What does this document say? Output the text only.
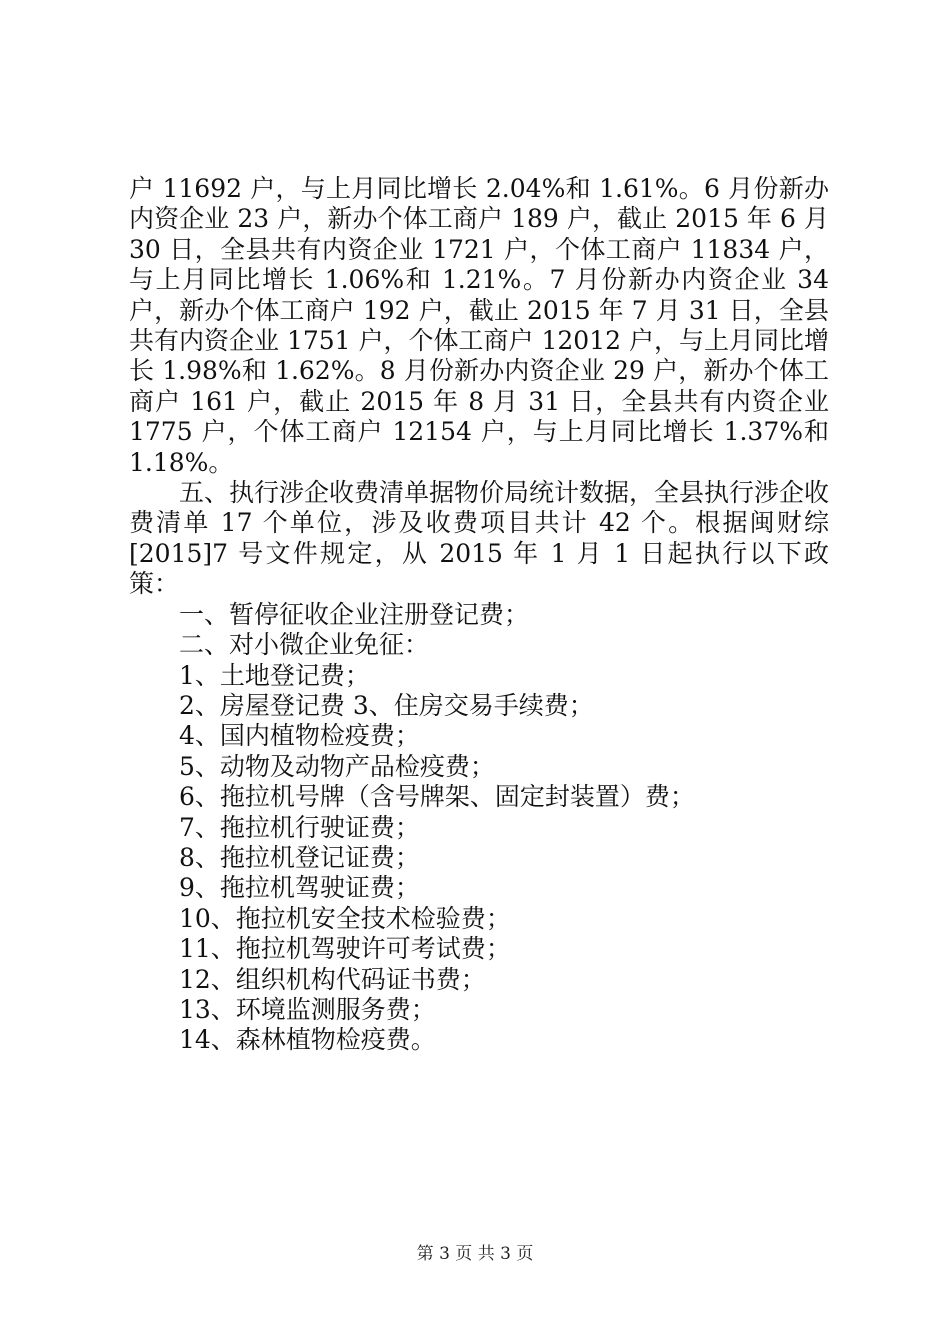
户 11692 户，与上月同比增长 2.04%和 1.61%。6 月份新办内资企业 23 户，新办个体工商户 189 户，截止 2015 年 6 月 30 日，全县共有内资企业 1721 户，个体工商户 11834 户，与上月同比增长 1.06%和 1.21%。7 月份新办内资企业 34 户，新办个体工商户 192 户，截止 2015 年 7 月 31 日，全县共有内资企业 1751 户，个体工商户 12012 户，与上月同比增长 1.98%和 1.62%。8 月份新办内资企业 29 户，新办个体工商户 161 户，截止 2015 年 8 月 31 日，全县共有内资企业 1775 户，个体工商户 12154 户，与上月同比增长 1.37%和 1.18%。

五、执行涉企收费清单据物价局统计数据，全县执行涉企收费清单 17 个单位，涉及收费项目共计 42 个。根据闽财综[2015]7 号文件规定，从 2015 年 1 月 1 日起执行以下政策：

一、暂停征收企业注册登记费；

二、对小微企业免征：

1、土地登记费；

2、房屋登记费 3、住房交易手续费；

4、国内植物检疫费；

5、动物及动物产品检疫费；

6、拖拉机号牌（含号牌架、固定封装置）费；

7、拖拉机行驶证费；

8、拖拉机登记证费；

9、拖拉机驾驶证费；

10、拖拉机安全技术检验费；

11、拖拉机驾驶许可考试费；

12、组织机构代码证书费；

13、环境监测服务费；

14、森林植物检疫费。

第 3 页 共 3 页
